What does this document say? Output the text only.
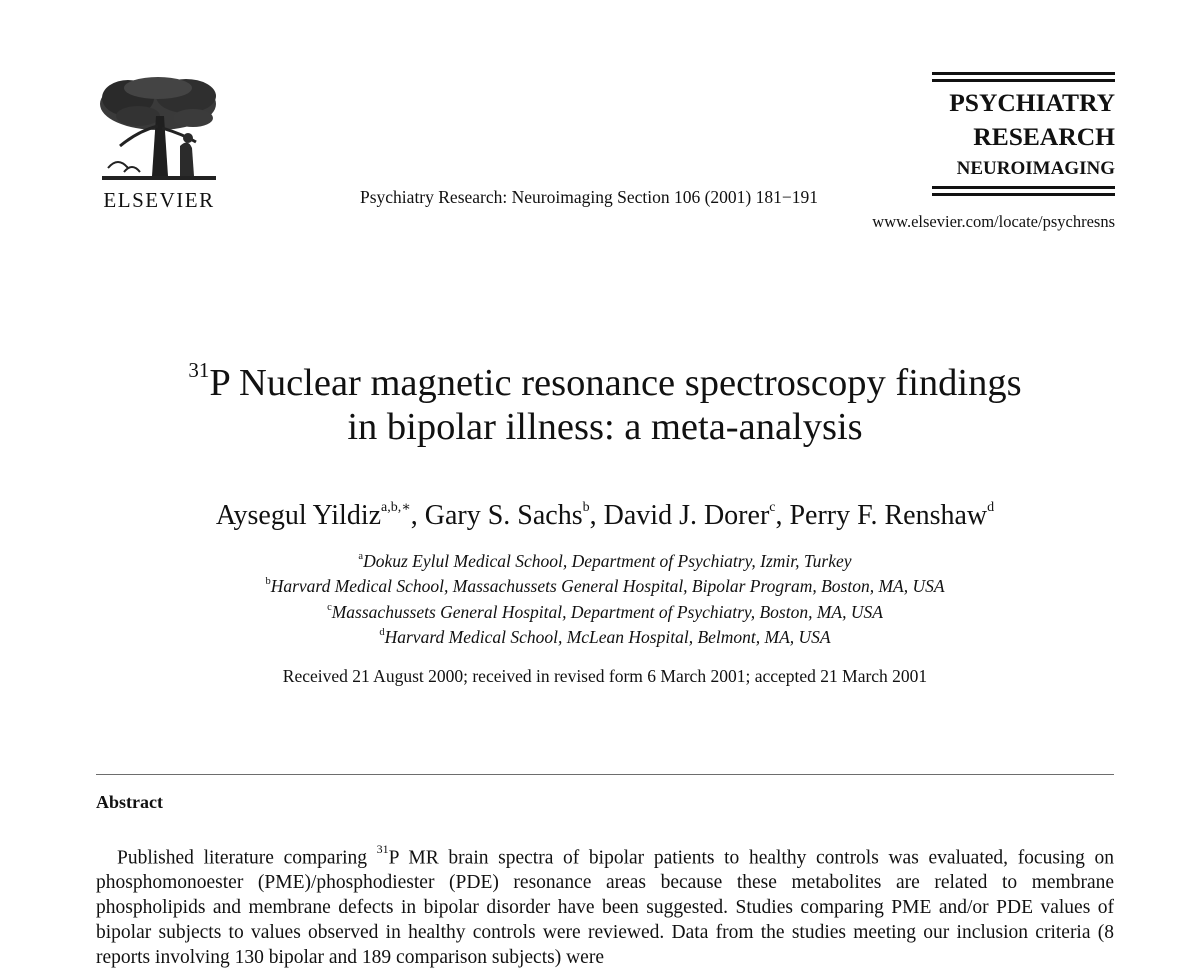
ELSEVIER	Psychiatry Research: Neuroimaging Section 106 (2001) 181−191
PSYCHIATRY
RESEARCH
NEUROIMAGING
www.elsevier.com/locate/psychresns
$^{31}$P Nuclear magnetic resonance spectroscopy findings
in bipolar illness: a meta-analysis
Aysegul Yildiz$^{a,b,∗}$, Gary S. Sachs$^b$, David J. Dorer$^c$, Perry F. Renshaw$^d$
$^a$Dokuz Eylul Medical School, Department of Psychiatry, Izmir, Turkey
$^b$Harvard Medical School, Massachussets General Hospital, Bipolar Program, Boston, MA, USA
$^c$Massachussets General Hospital, Department of Psychiatry, Boston, MA, USA
$^d$Harvard Medical School, McLean Hospital, Belmont, MA, USA
Received 21 August 2000; received in revised form 6 March 2001; accepted 21 March 2001
Abstract

Published literature comparing $^{31}$P MR brain spectra of bipolar patients to healthy controls was evaluated, focusing on phosphomonoester (PME)/phosphodiester (PDE) resonance areas because these metabolites are related to membrane phospholipids and membrane defects in bipolar disorder have been suggested. Studies comparing PME and/or PDE values of bipolar subjects to values observed in healthy controls were reviewed. Data from the studies meeting our inclusion criteria (8 reports involving 130 bipolar and 189 comparison subjects) were
